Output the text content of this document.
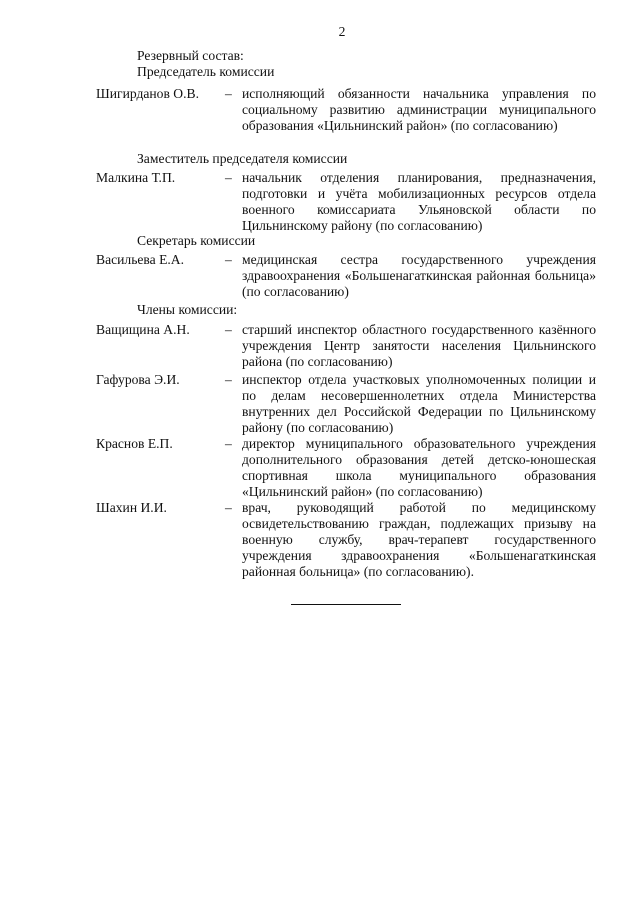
2
Резервный состав:
Председатель комиссии
Шигирданов О.В. – исполняющий обязанности начальника управления по социальному развитию администрации муниципального образования «Цильнинский район» (по согласованию)
Заместитель председателя комиссии
Малкина Т.П.	– начальник отделения планирования, предназначения, подготовки и учёта мобилизационных ресурсов отдела военного комиссариата Ульяновской области по Цильнинскому району (по согласованию)
Секретарь комиссии
Васильева Е.А.	– медицинская сестра государственного учреждения здравоохранения «Большенагаткинская районная больница» (по согласованию)
Члены комиссии:
Ващищина А.Н.	– старший инспектор областного государственного казённого учреждения Центр занятости населения Цильнинского района (по согласованию)
Гафурова Э.И.	– инспектор отдела участковых уполномоченных полиции и по делам несовершеннолетних отдела Министерства внутренних дел Российской Федерации по Цильнинскому району (по согласованию)
Краснов Е.П.	– директор муниципального образовательного учреждения дополнительного образования детей детско-юношеская спортивная школа муниципального образования «Цильнинский район» (по согласованию)
Шахин И.И.	– врач, руководящий работой по медицинскому освидетельствованию граждан, подлежащих призыву на военную службу, врач-терапевт государственного учреждения здравоохранения «Большенагаткинская районная больница» (по согласованию).
